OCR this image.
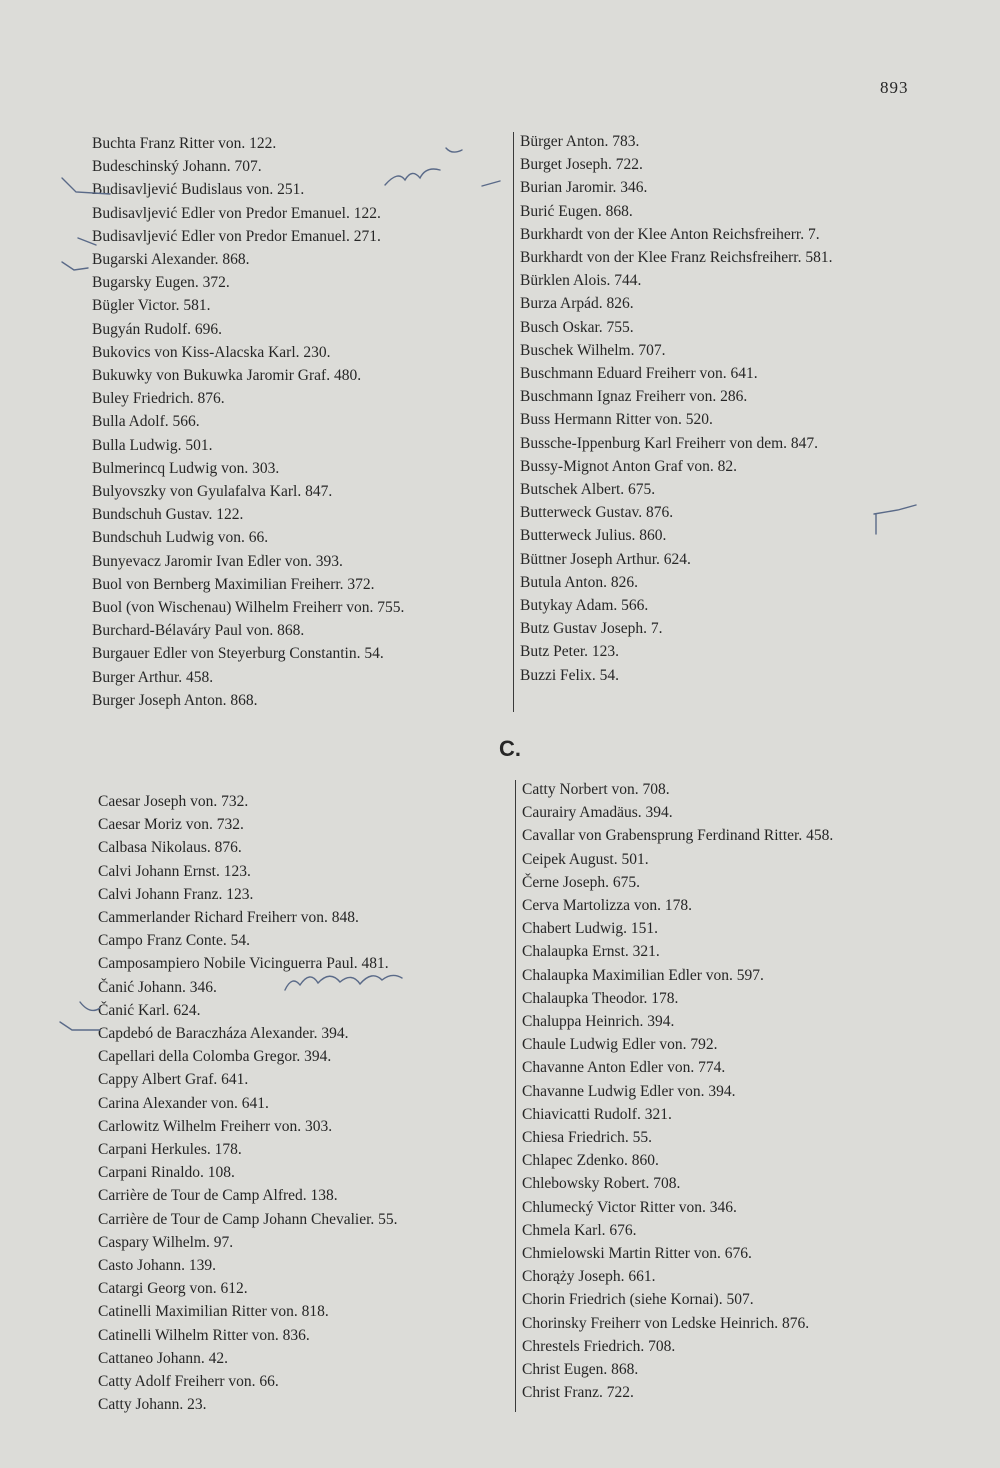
893
Buchta Franz Ritter von. 122.
Budeschinský Johann. 707.
Budisavljević Budislaus von. 251.
Budisavljević Edler von Predor Emanuel. 122.
Budisavljević Edler von Predor Emanuel. 271.
Bugarski Alexander. 868.
Bugarsky Eugen. 372.
Bügler Victor. 581.
Bugyán Rudolf. 696.
Bukovics von Kiss-Alacska Karl. 230.
Bukuwky von Bukuwka Jaromir Graf. 480.
Buley Friedrich. 876.
Bulla Adolf. 566.
Bulla Ludwig. 501.
Bulmerincq Ludwig von. 303.
Bulyovszky von Gyulafalva Karl. 847.
Bundschuh Gustav. 122.
Bundschuh Ludwig von. 66.
Bunyevacz Jaromir Ivan Edler von. 393.
Buol von Bernberg Maximilian Freiherr. 372.
Buol (von Wischenau) Wilhelm Freiherr von. 755.
Burchard-Bélaváry Paul von. 868.
Burgauer Edler von Steyerburg Constantin. 54.
Burger Arthur. 458.
Burger Joseph Anton. 868.
Bürger Anton. 783.
Burget Joseph. 722.
Burian Jaromir. 346.
Burić Eugen. 868.
Burkhardt von der Klee Anton Reichsfreiherr. 7.
Burkhardt von der Klee Franz Reichsfreiherr. 581.
Bürklen Alois. 744.
Burza Arpád. 826.
Busch Oskar. 755.
Buschek Wilhelm. 707.
Buschmann Eduard Freiherr von. 641.
Buschmann Ignaz Freiherr von. 286.
Buss Hermann Ritter von. 520.
Bussche-Ippenburg Karl Freiherr von dem. 847.
Bussy-Mignot Anton Graf von. 82.
Butschek Albert. 675.
Butterweck Gustav. 876.
Butterweck Julius. 860.
Büttner Joseph Arthur. 624.
Butula Anton. 826.
Butykay Adam. 566.
Butz Gustav Joseph. 7.
Butz Peter. 123.
Buzzi Felix. 54.
C.
Caesar Joseph von. 732.
Caesar Moriz von. 732.
Calbasa Nikolaus. 876.
Calvi Johann Ernst. 123.
Calvi Johann Franz. 123.
Cammerlander Richard Freiherr von. 848.
Campo Franz Conte. 54.
Camposampiero Nobile Vicinguerra Paul. 481.
Čanić Johann. 346.
Čanić Karl. 624.
Capdebó de Baraczháza Alexander. 394.
Capellari della Colomba Gregor. 394.
Cappy Albert Graf. 641.
Carina Alexander von. 641.
Carlowitz Wilhelm Freiherr von. 303.
Carpani Herkules. 178.
Carpani Rinaldo. 108.
Carrière de Tour de Camp Alfred. 138.
Carrière de Tour de Camp Johann Chevalier. 55.
Caspary Wilhelm. 97.
Casto Johann. 139.
Catargi Georg von. 612.
Catinelli Maximilian Ritter von. 818.
Catinelli Wilhelm Ritter von. 836.
Cattaneo Johann. 42.
Catty Adolf Freiherr von. 66.
Catty Johann. 23.
Catty Norbert von. 708.
Caurairy Amadäus. 394.
Cavallar von Grabensprung Ferdinand Ritter. 458.
Ceipek August. 501.
Černe Joseph. 675.
Cerva Martolizza von. 178.
Chabert Ludwig. 151.
Chalaupka Ernst. 321.
Chalaupka Maximilian Edler von. 597.
Chalaupka Theodor. 178.
Chaluppa Heinrich. 394.
Chaule Ludwig Edler von. 792.
Chavanne Anton Edler von. 774.
Chavanne Ludwig Edler von. 394.
Chiavicatti Rudolf. 321.
Chiesa Friedrich. 55.
Chlapec Zdenko. 860.
Chlebowsky Robert. 708.
Chlumecký Victor Ritter von. 346.
Chmela Karl. 676.
Chmielowski Martin Ritter von. 676.
Chorąży Joseph. 661.
Chorin Friedrich (siehe Kornai). 507.
Chorinsky Freiherr von Ledske Heinrich. 876.
Chrestels Friedrich. 708.
Christ Eugen. 868.
Christ Franz. 722.
